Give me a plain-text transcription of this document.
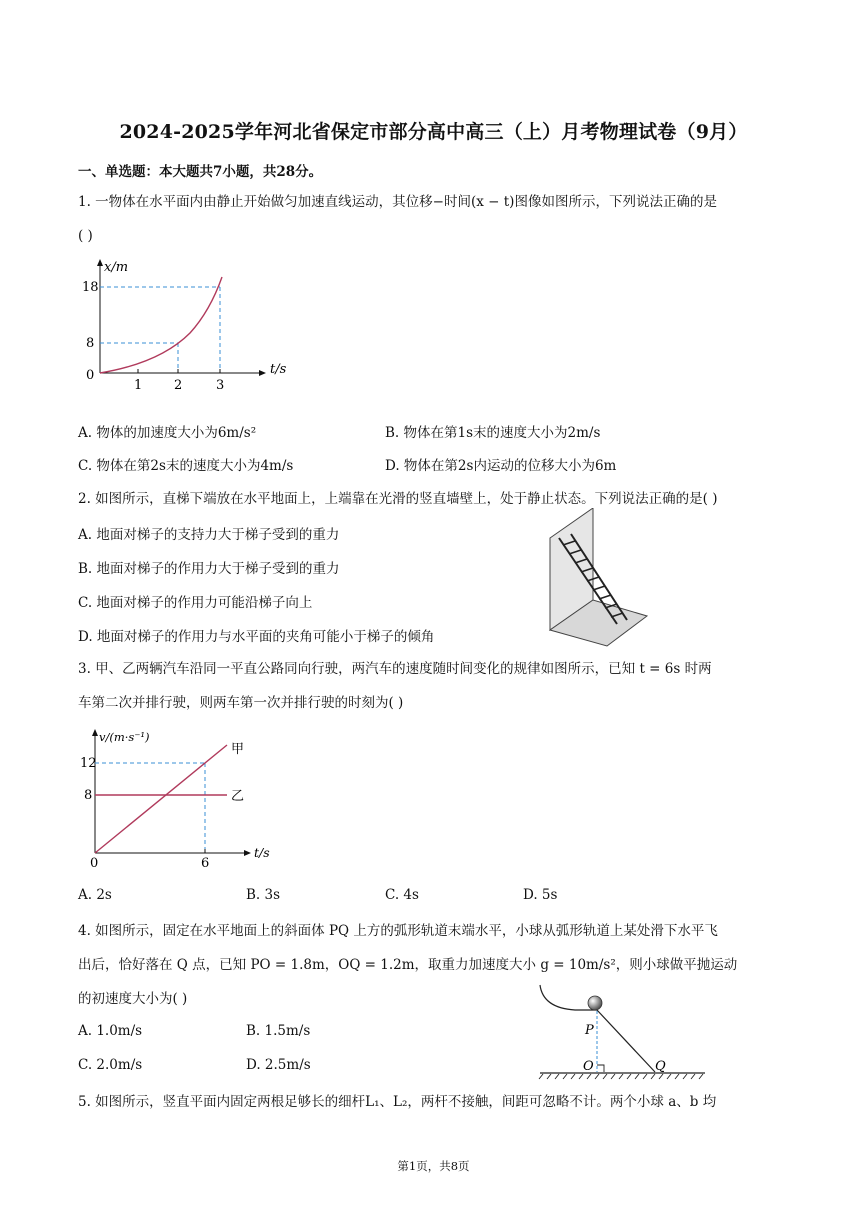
2024-2025学年河北省保定市部分高中高三（上）月考物理试卷（9月）
一、单选题：本大题共7小题，共28分。
1. 一物体在水平面内由静止开始做匀加速直线运动，其位移−时间(x − t)图像如图所示，下列说法正确的是
( )
x/m
t/s
18
8
0
1 2	3
A. 物体的加速度大小为6m/s²	B. 物体在第1s末的速度大小为2m/s
C. 物体在第2s末的速度大小为4m/s	D. 物体在第2s内运动的位移大小为6m
2. 如图所示，直梯下端放在水平地面上，上端靠在光滑的竖直墙壁上，处于静止状态。下列说法正确的是( )
A. 地面对梯子的支持力大于梯子受到的重力
B. 地面对梯子的作用力大于梯子受到的重力
C. 地面对梯子的作用力可能沿梯子向上
D. 地面对梯子的作用力与水平面的夹角可能小于梯子的倾角
3. 甲、乙两辆汽车沿同一平直公路同向行驶，两汽车的速度随时间变化的规律如图所示，已知 t = 6s 时两
车第二次并排行驶，则两车第一次并排行驶的时刻为( )
v/(m·s⁻¹)
t/s
12
8
0	6
甲
乙
A. 2s	B. 3s	C. 4s	D. 5s
4. 如图所示，固定在水平地面上的斜面体 PQ 上方的弧形轨道末端水平，小球从弧形轨道上某处滑下水平飞
出后，恰好落在 Q 点，已知 PO = 1.8m，OQ = 1.2m，取重力加速度大小 g = 10m/s²，则小球做平抛运动
的初速度大小为( )
A. 1.0m/s	B. 1.5m/s
C. 2.0m/s	D. 2.5m/s
P
O	Q
5. 如图所示，竖直平面内固定两根足够长的细杆L₁、L₂，两杆不接触，间距可忽略不计。两个小球 a、b 均
第1页，共8页
